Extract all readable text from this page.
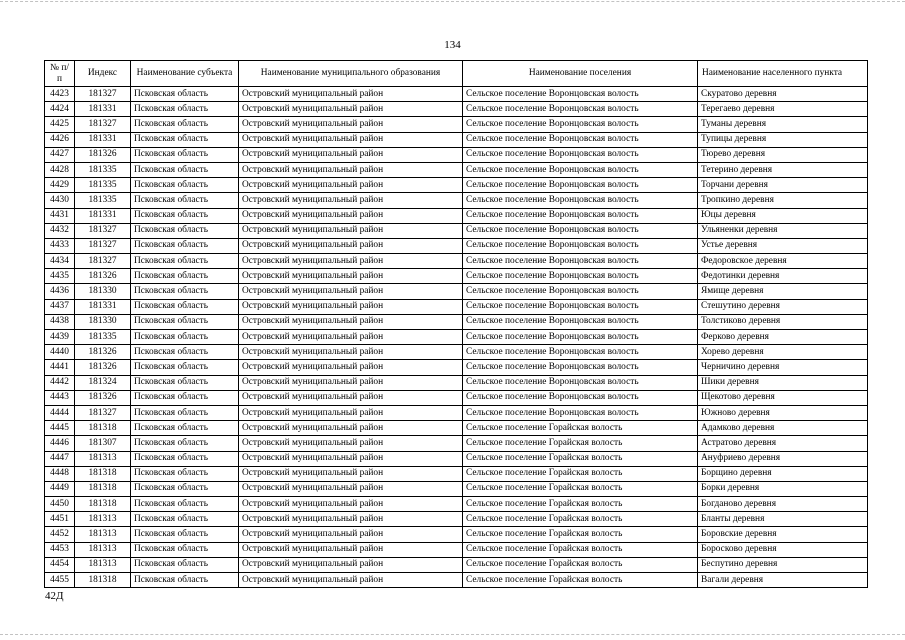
134
№ п/п	Индекс	Наименование субъекта	Наименование муниципального образования	Наименование поселения	Наименование населенного пункта
4423	181327	Псковская область	Островский муниципальный район	Сельское поселение Воронцовская волость	Скуратово деревня
4424	181331	Псковская область	Островский муниципальный район	Сельское поселение Воронцовская волость	Терегаево деревня
4425	181327	Псковская область	Островский муниципальный район	Сельское поселение Воронцовская волость	Туманы деревня
4426	181331	Псковская область	Островский муниципальный район	Сельское поселение Воронцовская волость	Тупицы деревня
4427	181326	Псковская область	Островский муниципальный район	Сельское поселение Воронцовская волость	Тюрево деревня
4428	181335	Псковская область	Островский муниципальный район	Сельское поселение Воронцовская волость	Тетерино деревня
4429	181335	Псковская область	Островский муниципальный район	Сельское поселение Воронцовская волость	Торчани деревня
4430	181335	Псковская область	Островский муниципальный район	Сельское поселение Воронцовская волость	Тропкино деревня
4431	181331	Псковская область	Островский муниципальный район	Сельское поселение Воронцовская волость	Юцы деревня
4432	181327	Псковская область	Островский муниципальный район	Сельское поселение Воронцовская волость	Ульяненки деревня
4433	181327	Псковская область	Островский муниципальный район	Сельское поселение Воронцовская волость	Устье деревня
4434	181327	Псковская область	Островский муниципальный район	Сельское поселение Воронцовская волость	Федоровское деревня
4435	181326	Псковская область	Островский муниципальный район	Сельское поселение Воронцовская волость	Федотинки деревня
4436	181330	Псковская область	Островский муниципальный район	Сельское поселение Воронцовская волость	Ямище деревня
4437	181331	Псковская область	Островский муниципальный район	Сельское поселение Воронцовская волость	Стешутино деревня
4438	181330	Псковская область	Островский муниципальный район	Сельское поселение Воронцовская волость	Толстиково деревня
4439	181335	Псковская область	Островский муниципальный район	Сельское поселение Воронцовская волость	Ферково деревня
4440	181326	Псковская область	Островский муниципальный район	Сельское поселение Воронцовская волость	Хорево деревня
4441	181326	Псковская область	Островский муниципальный район	Сельское поселение Воронцовская волость	Черничино деревня
4442	181324	Псковская область	Островский муниципальный район	Сельское поселение Воронцовская волость	Шики деревня
4443	181326	Псковская область	Островский муниципальный район	Сельское поселение Воронцовская волость	Щекотово деревня
4444	181327	Псковская область	Островский муниципальный район	Сельское поселение Воронцовская волость	Южново деревня
4445	181318	Псковская область	Островский муниципальный район	Сельское поселение Горайская волость	Адамково деревня
4446	181307	Псковская область	Островский муниципальный район	Сельское поселение Горайская волость	Астратово деревня
4447	181313	Псковская область	Островский муниципальный район	Сельское поселение Горайская волость	Ануфриево деревня
4448	181318	Псковская область	Островский муниципальный район	Сельское поселение Горайская волость	Борщино деревня
4449	181318	Псковская область	Островский муниципальный район	Сельское поселение Горайская волость	Борки деревня
4450	181318	Псковская область	Островский муниципальный район	Сельское поселение Горайская волость	Богданово деревня
4451	181313	Псковская область	Островский муниципальный район	Сельское поселение Горайская волость	Бланты деревня
4452	181313	Псковская область	Островский муниципальный район	Сельское поселение Горайская волость	Боровские деревня
4453	181313	Псковская область	Островский муниципальный район	Сельское поселение Горайская волость	Боросково деревня
4454	181313	Псковская область	Островский муниципальный район	Сельское поселение Горайская волость	Беспутино деревня
4455	181318	Псковская область	Островский муниципальный район	Сельское поселение Горайская волость	Вагали деревня
42Д
